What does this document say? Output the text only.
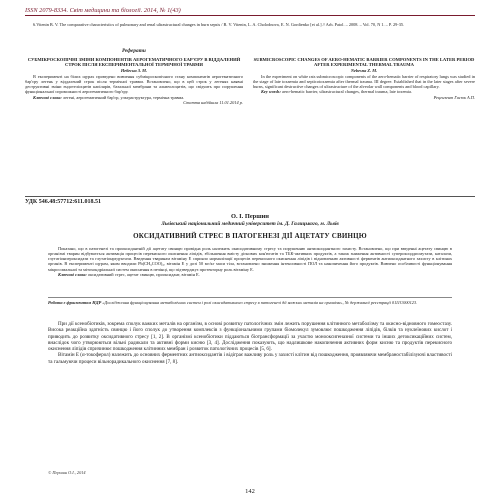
ISSN 2079-8334. Світ медицини та біології. 2014, № 1(43)

6.Vitenin B. V. The comparative characteristics of pulmonary and renal ultrastructural changes in burn sepsis / B. V. Vitenin, L. A. Cholodnova, E. N. Gordienko [et al.] // Arh. Patol. – 2008. – Vol. 70, N 1. – P. 29-35.

Реферати

СУБМІКРОСКОПІЧНІ ЗМІНИ КОМПОНЕНТІВ АЕРОГЕМАТИЧНОГО БАР'ЄРУ В ВІДДАЛЕНИЙ СТРОК ПІСЛЯ ЕКСПЕРИМЕНТАЛЬНОЇ ТЕРМІЧНОЇ ТРАВМИ

Небесна З. М.

В експерименті на білих щурах проведено вивчення субмікроскопічного стану компонентів аерогематичного бар'єру легень у віддалений строк після термічної травми. Встановлено, що в цей строк у легенях наявні деструктивні зміни ендотеліоцитів капілярів, базальної мембрани та альвеолоцитів, що свідчить про порушення функціональної спроможності аерогематичного бар'єру.

Ключові слова: легені, аерогематичний бар'єр, ультраструктура, термічна травма.

Стаття надійшла 11.01.2014 р.

SUBMICROSCOPIC CHANGES OF AERO-HEMATIC BARRIER COMPONENTS IN THE LATER PERIOD AFTER EXPERIMENTAL THERMAL TRAUMA

Nebesna Z. M.

In the experiment on white rats submicroscopic components of the aero-hematic barrier of respiratory lungs was studied in the stage of late toxaemia and septicotoxaemia after thermal trauma. III degree. Established that in the later stages after severe burns, significant destructive changes of ultrastructure of the alveolar wall components and blood capillary.

Key words: aero-hematic barrier, ultrastructural changes, thermal trauma, late toxemia.

Рецензент Гасюк А.П.

УДК 546.48:57712:611.018.51
О. І. Першин
Львівський національний медичний університет ім. Д. Галицького, м. Львів
ОКСИДАТИВНИЙ СТРЕС В ПАТОГЕНЕЗІ ДІЇ АЦЕТАТУ СВИНЦЮ

Показано, що в патогенезі та прооксидантній дії ацетату свинцю провідна роль належить окисидативному стресу та порушенню антиоксидантного захисту. Встановлено, що при введенні ацетату свинцю в організмі тварин відбувається активація процесів перекисного окиснення ліпідів, збільшення вмісту дієнових кон'югатів та ТБК-активних продуктів, а також зниження активності супероксиддисмутази, каталази, глутатіонпероксидази та глутатіонредуктази. Введення тваринам вітаміну Е сприяло нормалізації процесів перекисного окиснення ліпідів і відновленню активності ферментів антиоксидантного захисту в клітинах органів. В експерименті щурам, яким вводили Pb(CH₃COO)₂, вітамін Е у дозі 50 мг/кг маси тіла, встановлено зниження інтенсивності ПОЛ та накопичення його продуктів. Вивчено особливості функціонування мікросомальної та мітохондріальної систем окиснення в печінці, що підтверджує протекторну роль вітаміну Е.

Ключові слова: оксидативний стрес, ацетат свинцю, прооксидант, вітамін Е.

Робота є фрагментом НДР «Дослідження функціонування метаболічних систем і ролі окисидативного стресу в патогенезі дії важких металів на організм», № державної реєстрації 0111U000123.

При дії ксенобіотиків, зокрема сполук важких металів на організм, в основі розвитку патологічних змін лежить порушення клітинного метаболізму та окисно-відновного гомеостазу. Висока реакційна здатність свинцю і його сполук до утворення комплексів з функціональними групами біомолекул зумовлює пошкодження ліпідів, білків та нуклеїнових кислот і приводить до розвитку оксидативного стресу [1, 2]. В організмі ксенобіотики піддаються біотрансформації за участю монооксигеназної системи та інших детоксикаційних систем, внаслідок чого утворюються вільні радикали та активні форми кисню [3, 4]. Дослідження показують, що надлишкове накопичення активних форм кисню та продуктів перекисного окиснення ліпідів спричинює пошкодження клітинних мембран і розвиток патологічних процесів [5, 6].

Вітамін Е (α-токоферол) належить до основних ферментних антиоксидантів і відіграє важливу роль у захисті клітин від пошкодження, проявляючи мембраностабілізуючі властивості та гальмуючи процеси вільнорадикального окиснення [7, 8].

© Першин О.І., 2014
142
